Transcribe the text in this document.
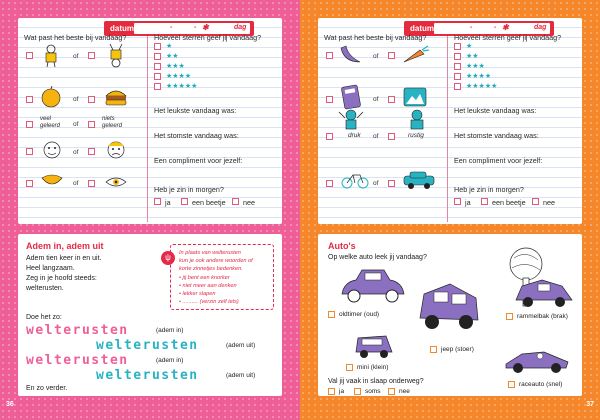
datum	-	- ✱	dag
Wat past het beste bij vandaag?
of
of
veel geleerd	of
niets geleerd
of
of
Hoeveel sterren geef jij vandaag?
★
★★
★★★
★★★★
★★★★★
Het leukste vandaag was:
Het stomste vandaag was:
Een compliment voor jezelf:
Heb je zin in morgen?
ja	een beetje nee
Adem in, adem uit
Adem tien keer in en uit.
Heel langzaam.
Zeg in je hoofd steeds:
welterusten.
ψ	In plaats van welterusten
kun je ook andere woorden of
korte zinnetjes bedenken.
• jij bent een knorker
• niet meer aan denken
• lekker slapen
• .......... (verzin zelf iets)
Doe het zo:
welterusten	(adem in)
welterusten	(adem uit)
welterusten	(adem in)
welterusten	(adem uit)
En zo verder.
36
datum	-	- ✱	dag
Wat past het beste bij vandaag?
of
of
druk of	rustig
of
Hoeveel sterren geef jij vandaag?
★
★★
★★★
★★★★
★★★★★
Het leukste vandaag was:
Het stomste vandaag was:
Een compliment voor jezelf:
Heb je zin in morgen?
ja	een beetje nee
Auto's
Op welke auto leek jij vandaag?
oldtimer (oud)
jeep (stoer)
rammelbak (brak)
mini (klein)
raceauto (snel)
Val jij vaak in slaap onderweg?
ja	soms	nee
37
